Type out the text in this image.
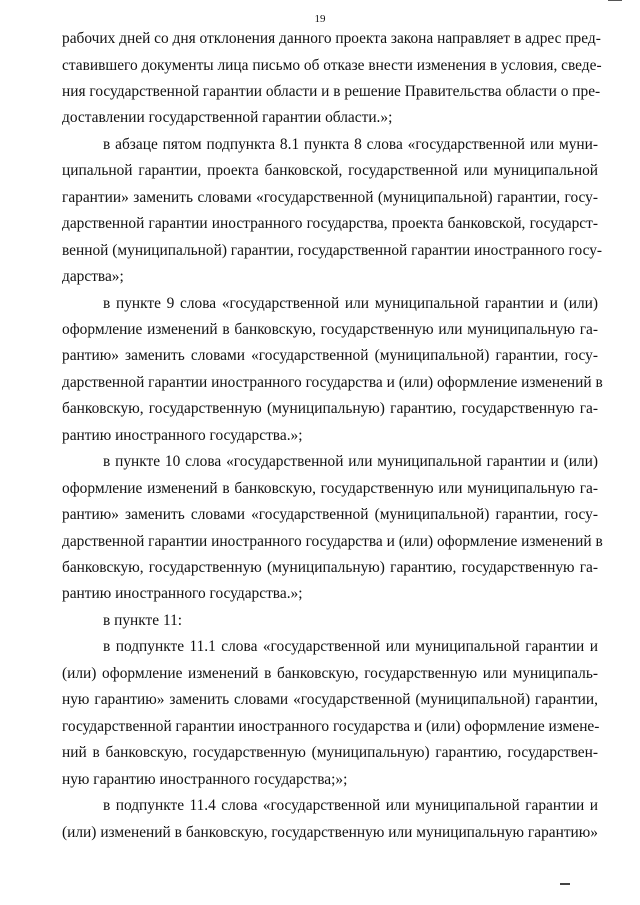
19
рабочих дней со дня отклонения данного проекта закона направляет в адрес пред-
ставившего документы лица письмо об отказе внести изменения в условия, сведе-
ния государственной гарантии области и в решение Правительства области о пре-
доставлении государственной гарантии области.»;
в абзаце пятом подпункта 8.1 пункта 8 слова «государственной или муни-
ципальной гарантии, проекта банковской, государственной или муниципальной
гарантии» заменить словами «государственной (муниципальной) гарантии, госу-
дарственной гарантии иностранного государства, проекта банковской, государст-
венной (муниципальной) гарантии, государственной гарантии иностранного госу-
дарства»;
в пункте 9 слова «государственной или муниципальной гарантии и (или)
оформление изменений в банковскую, государственную или муниципальную га-
рантию» заменить словами «государственной (муниципальной) гарантии, госу-
дарственной гарантии иностранного государства и (или) оформление изменений в
банковскую, государственную (муниципальную) гарантию, государственную га-
рантию иностранного государства.»;
в пункте 10 слова «государственной или муниципальной гарантии и (или)
оформление изменений в банковскую, государственную или муниципальную га-
рантию» заменить словами «государственной (муниципальной) гарантии, госу-
дарственной гарантии иностранного государства и (или) оформление изменений в
банковскую, государственную (муниципальную) гарантию, государственную га-
рантию иностранного государства.»;
в пункте 11:
в подпункте 11.1 слова «государственной или муниципальной гарантии и
(или) оформление изменений в банковскую, государственную или муниципаль-
ную гарантию» заменить словами «государственной (муниципальной) гарантии,
государственной гарантии иностранного государства и (или) оформление измене-
ний в банковскую, государственную (муниципальную) гарантию, государствен-
ную гарантию иностранного государства;»;
в подпункте 11.4 слова «государственной или муниципальной гарантии и
(или) изменений в банковскую, государственную или муниципальную гарантию»
